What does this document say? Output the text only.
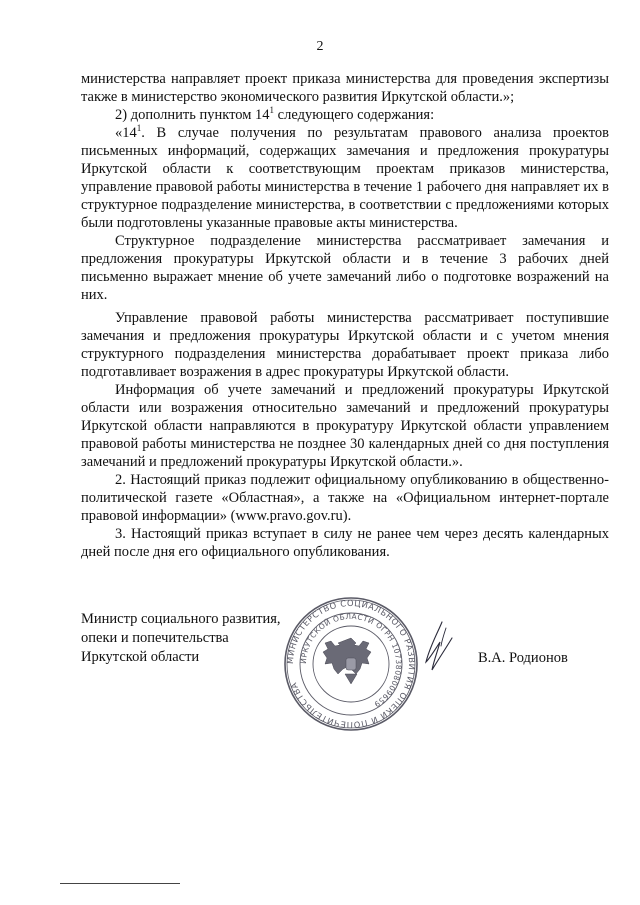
2

министерства направляет проект приказа министерства для проведения экспертизы также в министерство экономического развития Иркутской области.»;

2) дополнить пунктом $14^1$ следующего содержания:

«$14^1$. В случае получения по результатам правового анализа проектов письменных информаций, содержащих замечания и предложения прокуратуры Иркутской области к соответствующим проектам приказов министерства, управление правовой работы министерства в течение 1 рабочего дня направляет их в структурное подразделение министерства, в соответствии с предложениями которых были подготовлены указанные правовые акты министерства.

Структурное подразделение министерства рассматривает замечания и предложения прокуратуры Иркутской области и в течение 3 рабочих дней письменно выражает мнение об учете замечаний либо о подготовке возражений на них.

Управление правовой работы министерства рассматривает поступившие замечания и предложения прокуратуры Иркутской области и с учетом мнения структурного подразделения министерства дорабатывает проект приказа либо подготавливает возражения в адрес прокуратуры Иркутской области.

Информация об учете замечаний и предложений прокуратуры Иркутской области или возражения относительно замечаний и предложений прокуратуры Иркутской области направляются в прокуратуру Иркутской области управлением правовой работы министерства не позднее 30 календарных дней со дня поступления замечаний и предложений прокуратуры Иркутской области.».

2. Настоящий приказ подлежит официальному опубликованию в общественно-политической газете «Областная», а также на «Официальном интернет-портале правовой информации» (www.pravo.gov.ru).

3. Настоящий приказ вступает в силу не ранее чем через десять календарных дней после дня его официального опубликования.

Министр социального развития,
опеки и попечительства
Иркутской области	МИНИСТЕРСТВО СОЦИАЛЬНОГО РАЗВИТИЯ ОПЕКИ И ПОПЕЧИТЕЛЬСТВА
ИРКУТСКОЙ ОБЛАСТИ ОГРН 1073808009659
В.А. Родионов
